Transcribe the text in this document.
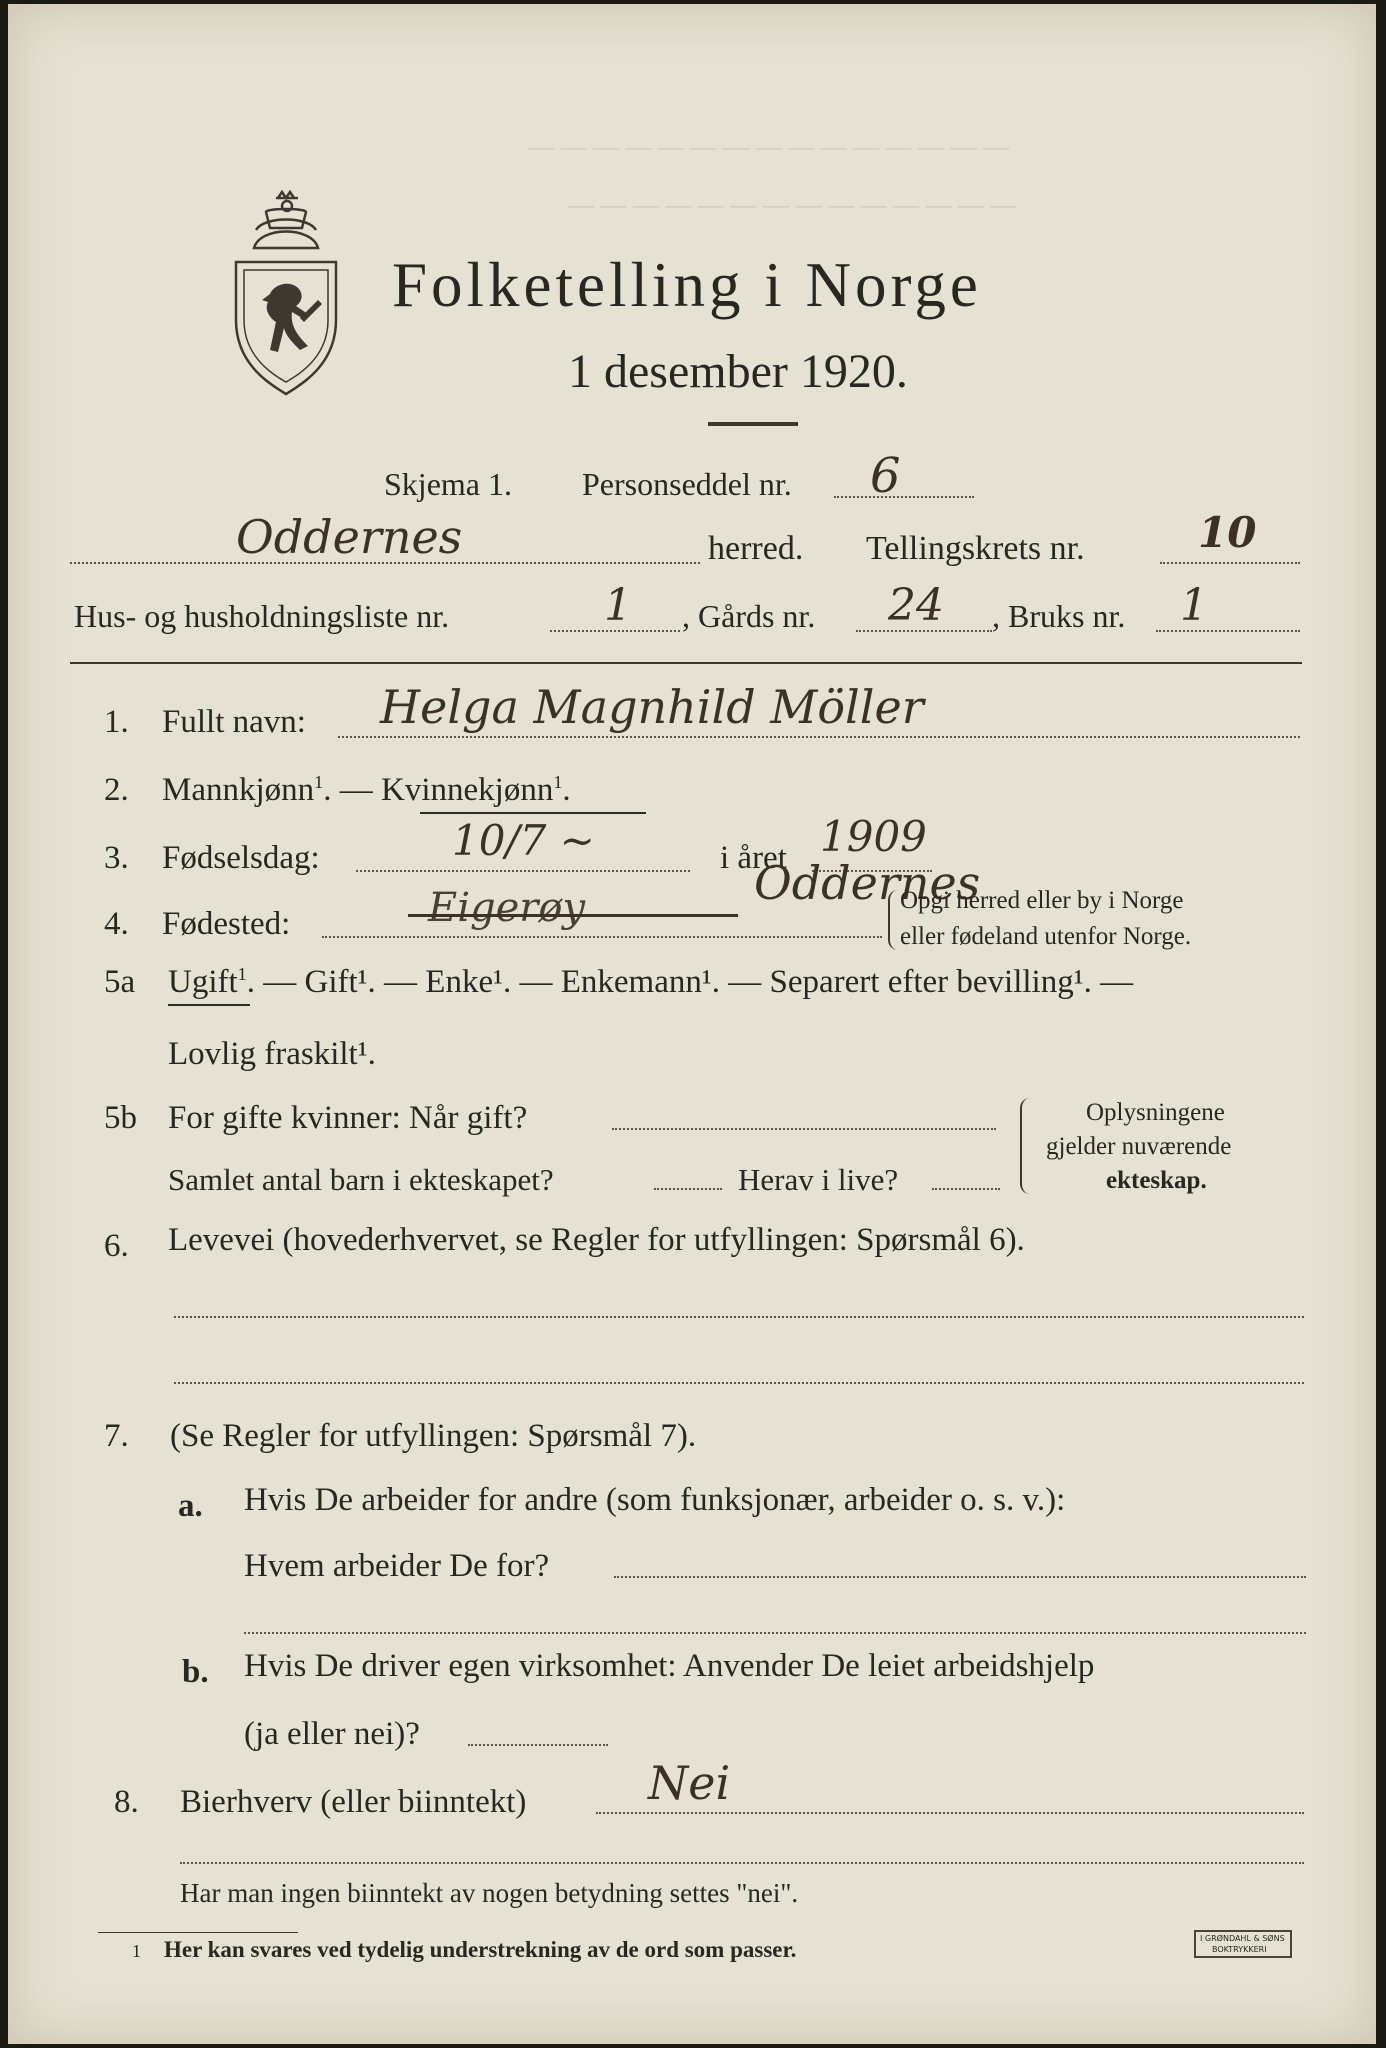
— — — — — — — — — — — — — — —
— — — — — — — — — — — — — —
Folketelling i Norge
1 desember 1920.
Skjema 1. Personseddel nr. 6
Oddernes	herred. Tellingskrets nr.	10
Hus- og husholdningsliste nr.	1 , Gårds nr. 24 , Bruks nr. 1
1. Fullt navn: Helga Magnhild Möller
2. Mannkjønn$^1$. — Kvinnekjønn$^1$.
3. Fødselsdag:	10/7 ~	i året 1909
4. Fødested:	Eigerøy	Oddernes
Opgi herred eller by i Norge
eller fødeland utenfor Norge.
5a Ugift$^1$. — Gift¹. — Enke¹. — Enkemann¹. — Separert efter bevilling¹. —
Lovlig fraskilt¹.
5b For gifte kvinner: Når gift?
Samlet antal barn i ekteskapet?	Herav i live?
Oplysningene
gjelder nuværende
ekteskap.
6. Levevei (hovederhvervet, se Regler for utfyllingen: Spørsmål 6).
7. (Se Regler for utfyllingen: Spørsmål 7).
a. Hvis De arbeider for andre (som funksjonær, arbeider o. s. v.):
Hvem arbeider De for?
b. Hvis De driver egen virksomhet: Anvender De leiet arbeidshjelp
(ja eller nei)?
8. Bierhverv (eller biinntekt)	Nei
Har man ingen biinntekt av nogen betydning settes "nei".
1 Her kan svares ved tydelig understrekning av de ord som passer.	I GRØNDAHL & SØNS
BOKTRYKKERI
